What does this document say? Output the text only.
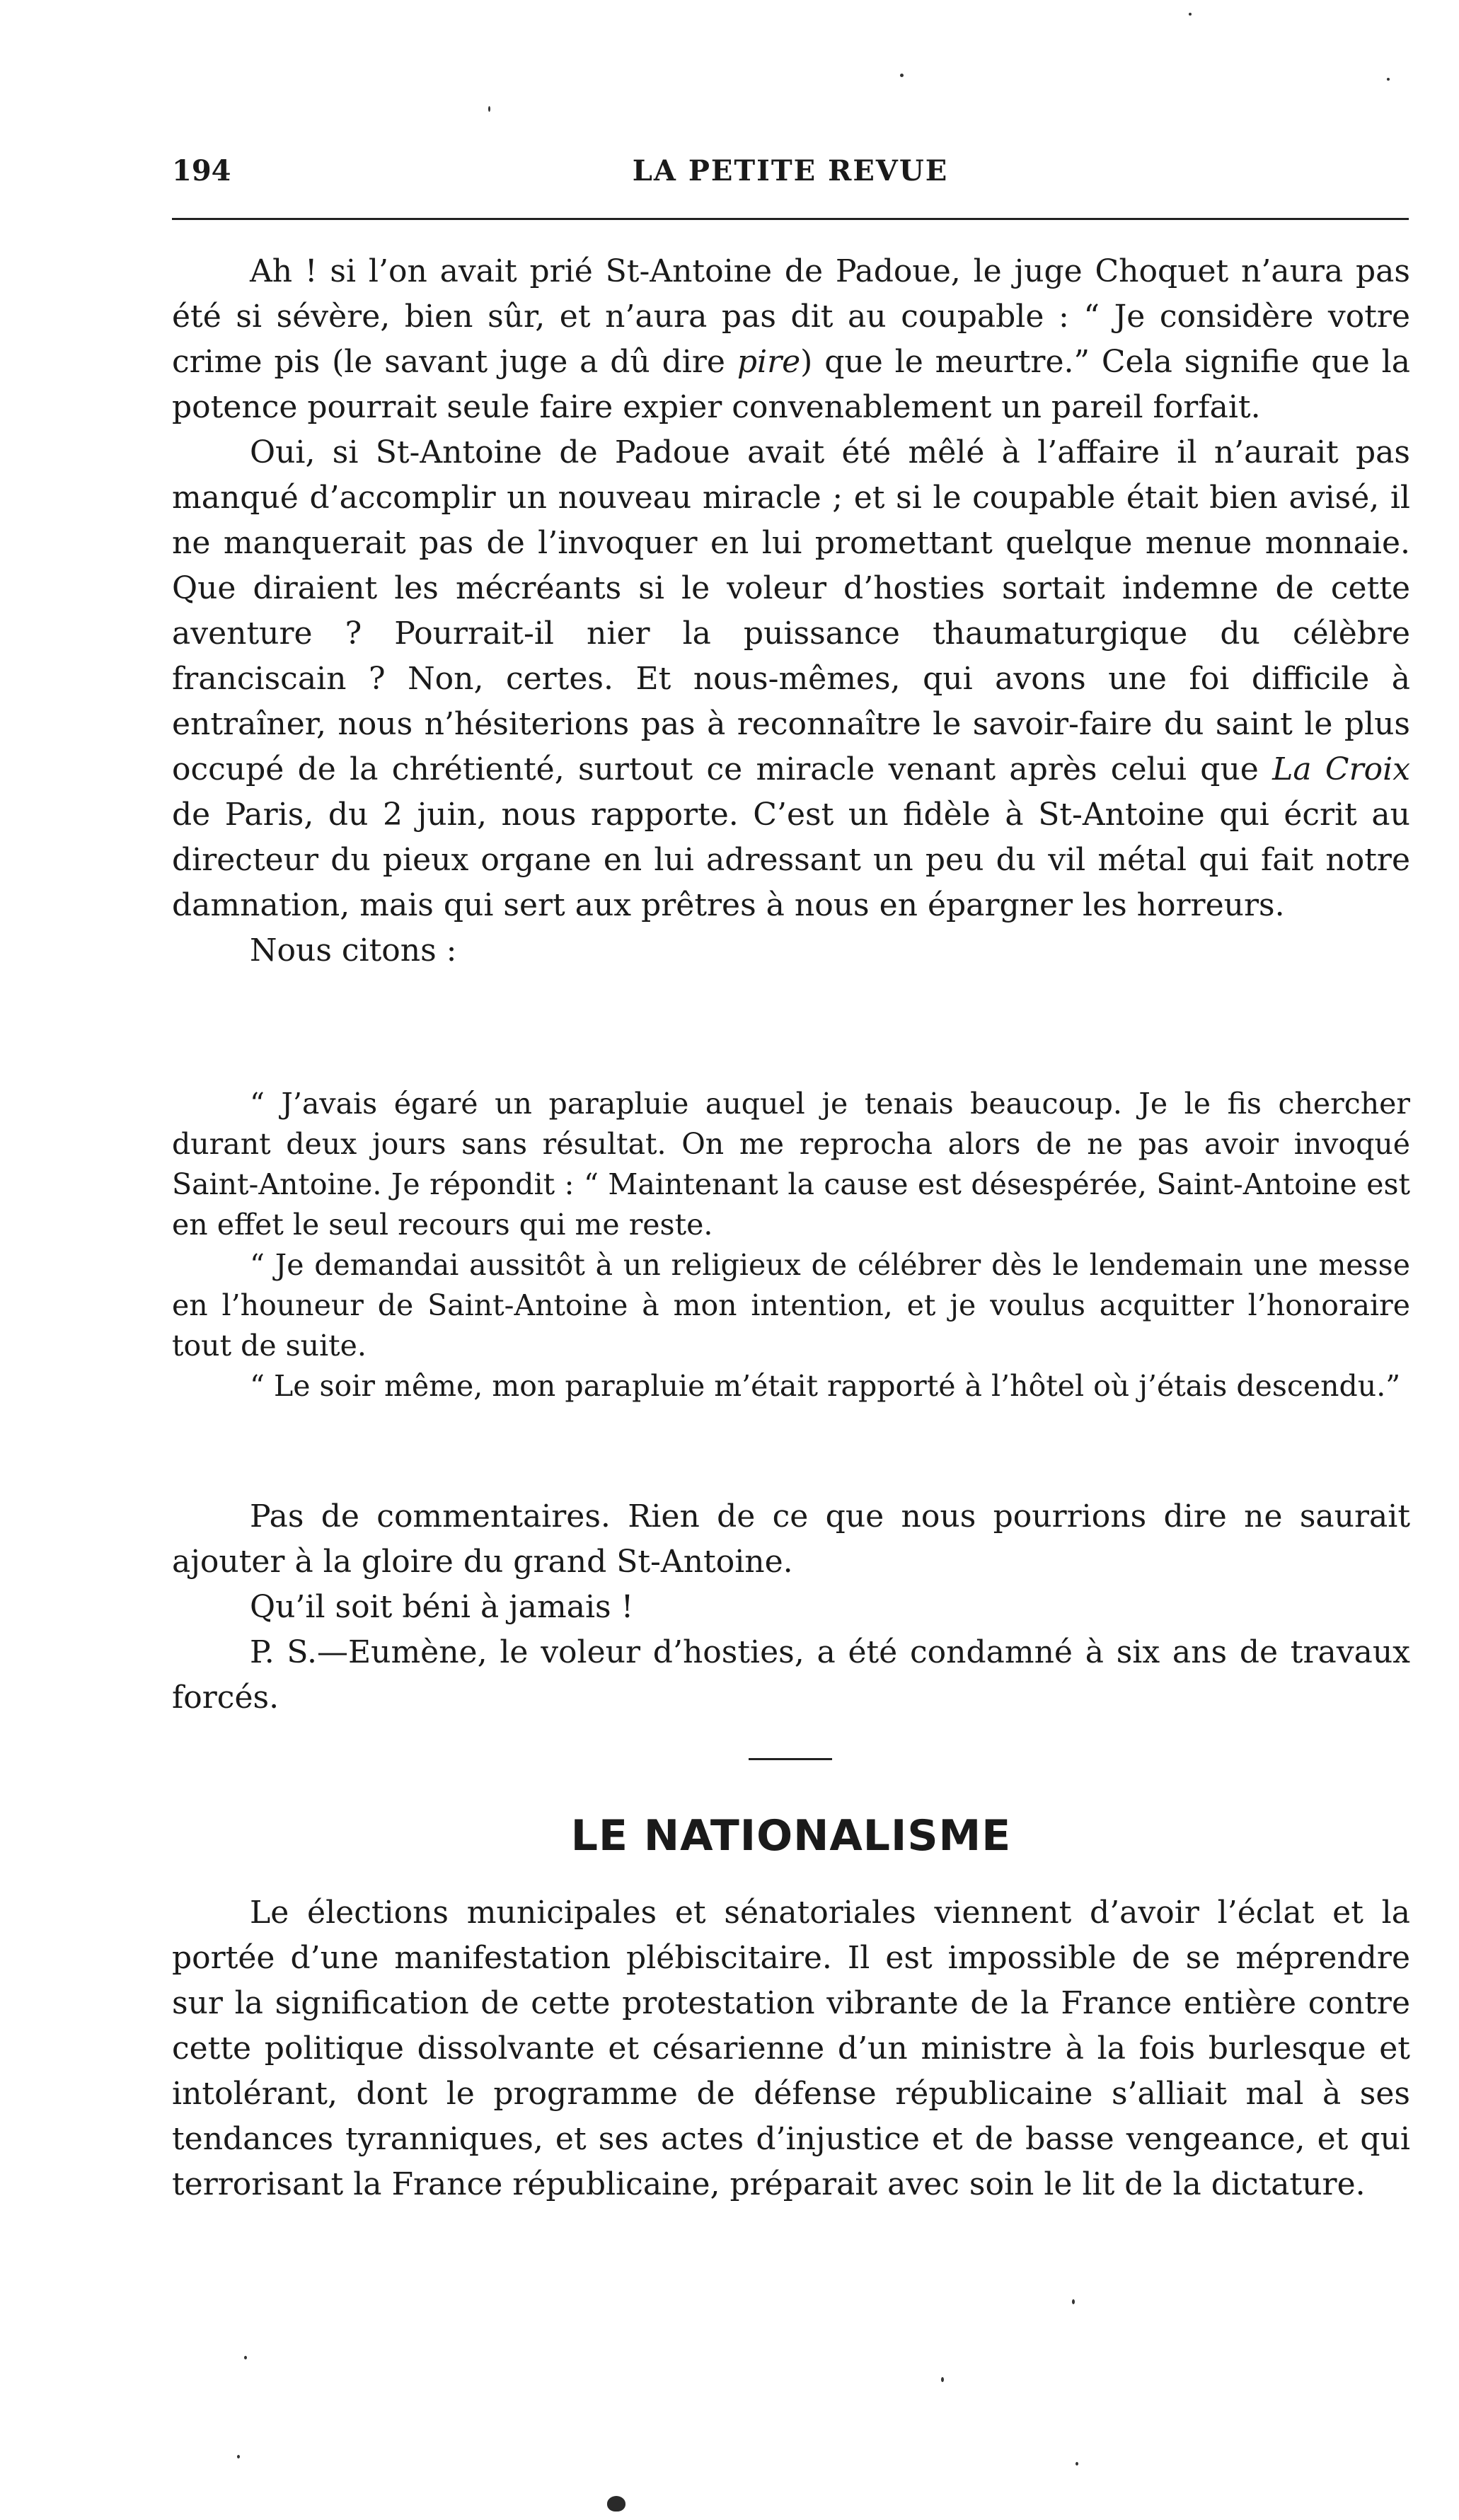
194	LA PETITE REVUE

Ah ! si l’on avait prié St-Antoine de Padoue, le juge Choquet n’aura pas été si sévère, bien sûr, et n’aura pas dit au coupable : “ Je considère votre crime pis (le savant juge a dû dire pire) que le meurtre.” Cela signifie que la potence pourrait seule faire expier convenablement un pareil forfait.

Oui, si St-Antoine de Padoue avait été mêlé à l’affaire il n’aurait pas manqué d’accomplir un nouveau miracle ; et si le coupable était bien avisé, il ne manquerait pas de l’invoquer en lui promettant quelque menue monnaie. Que diraient les mécréants si le voleur d’hosties sortait indemne de cette aventure ? Pourrait-il nier la puissance thaumaturgique du célèbre franciscain ? Non, certes. Et nous-mêmes, qui avons une foi difficile à entraîner, nous n’hésiterions pas à reconnaître le savoir-faire du saint le plus occupé de la chrétienté, surtout ce miracle venant après celui que La Croix de Paris, du 2 juin, nous rapporte. C’est un fidèle à St-Antoine qui écrit au directeur du pieux organe en lui adressant un peu du vil métal qui fait notre damnation, mais qui sert aux prêtres à nous en épargner les horreurs.

Nous citons :

“ J’avais égaré un parapluie auquel je tenais beaucoup. Je le fis chercher durant deux jours sans résultat. On me reprocha alors de ne pas avoir invoqué Saint-Antoine. Je répondit : “ Maintenant la cause est désespérée, Saint-Antoine est en effet le seul recours qui me reste.

“ Je demandai aussitôt à un religieux de célébrer dès le lendemain une messe en l’houneur de Saint-Antoine à mon intention, et je voulus acquitter l’honoraire tout de suite.

“ Le soir même, mon parapluie m’était rapporté à l’hôtel où j’étais descendu.”

Pas de commentaires. Rien de ce que nous pourrions dire ne saurait ajouter à la gloire du grand St-Antoine.

Qu’il soit béni à jamais !

P. S.—Eumène, le voleur d’hosties, a été condamné à six ans de travaux forcés.

LE NATIONALISME

Le élections municipales et sénatoriales viennent d’avoir l’éclat et la portée d’une manifestation plébiscitaire. Il est impossible de se méprendre sur la signification de cette protestation vibrante de la France entière contre cette politique dissolvante et césarienne d’un ministre à la fois burlesque et intolérant, dont le programme de défense républicaine s’alliait mal à ses tendances tyranniques, et ses actes d’injustice et de basse vengeance, et qui terrorisant la France républicaine, préparait avec soin le lit de la dictature.
